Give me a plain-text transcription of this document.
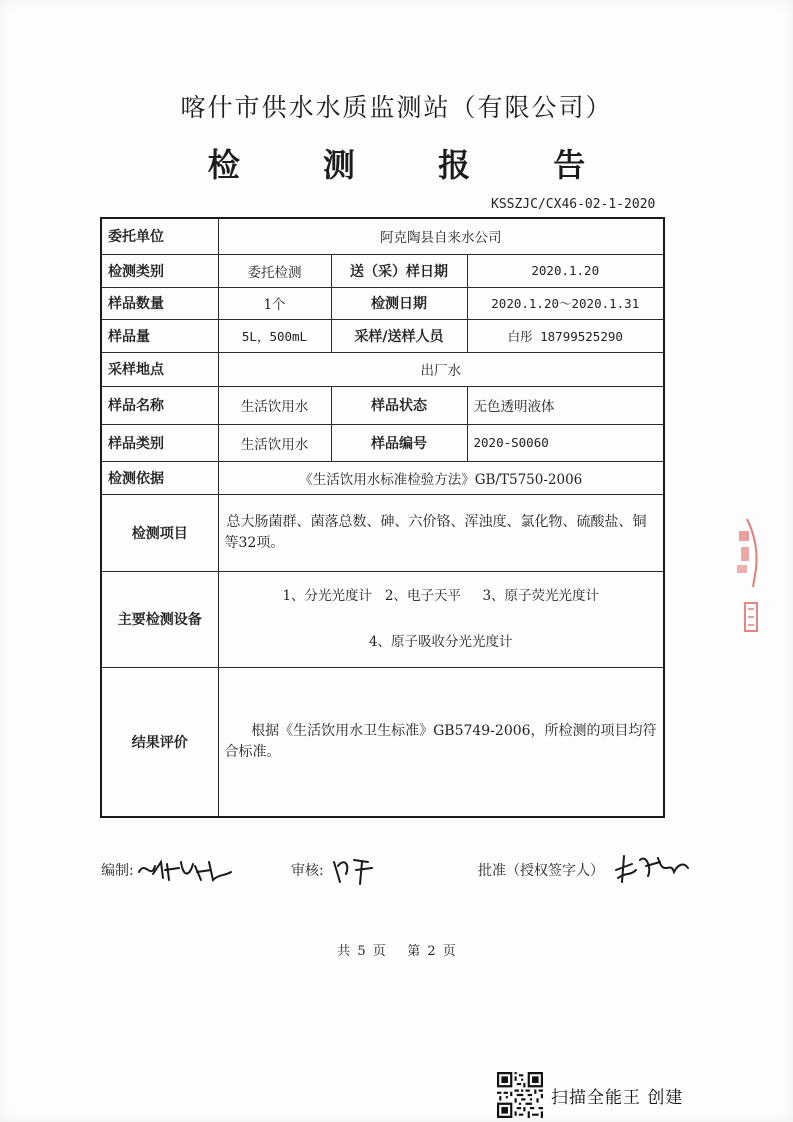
喀什市供水水质监测站（有限公司）
检 测 报 告
KSSZJC/CX46-02-1-2020
委托单位	阿克陶县自来水公司		
检测类别	委托检测	送（采）样日期	2020.1.20
样品数量	1个	检测日期	2020.1.20～2020.1.31
样品量	5L，500mL	采样/送样人员	白彤 18799525290
采样地点	出厂水		
样品名称	生活饮用水	样品状态	无色透明液体
样品类别	生活饮用水	样品编号	2020-S0060
检测依据	《生活饮用水标准检验方法》GB/T5750-2006		
检测项目	总大肠菌群、菌落总数、砷、六价铬、浑浊度、氯化物、硫酸盐、铜等32项。		
主要检测设备	1、分光光度计   2、电子天平     3、原子荧光光度计
4、原子吸收分光光度计		

结果评价	根据《生活饮用水卫生标准》GB5749-2006，所检测的项目均符合标准。		
编制:	审核:	批准（授权签字人）
共 5 页   第 2 页
扫描全能王 创建
